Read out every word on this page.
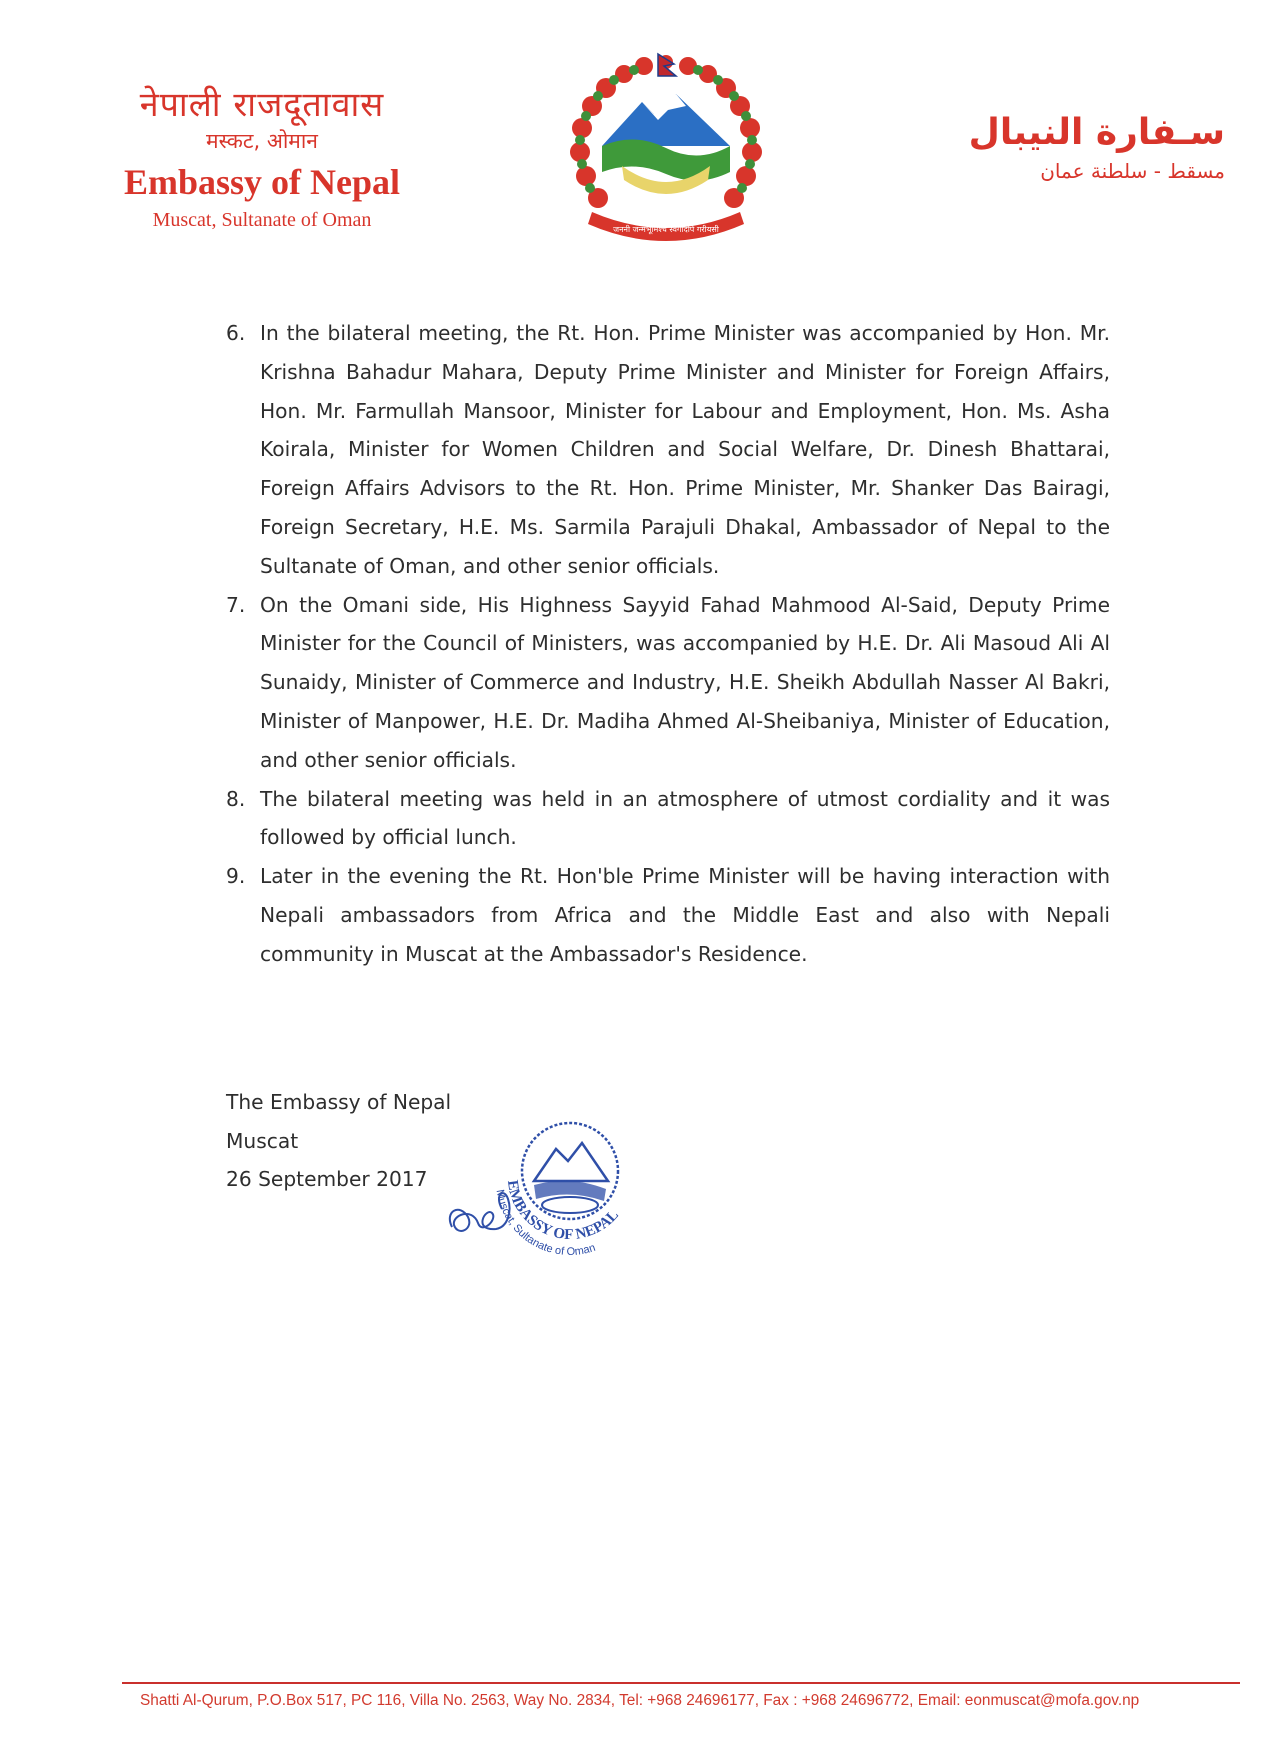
नेपाली राजदूतावास
मस्कट, ओमान
Embassy of Nepal
Muscat, Sultanate of Oman	जननी जन्मभूमिश्च स्वर्गादपि गरीयसी
سـفارة النيبال
مسقط - سلطنة عمان
6. In the bilateral meeting, the Rt. Hon. Prime Minister was accompanied by Hon. Mr. Krishna Bahadur Mahara, Deputy Prime Minister and Minister for Foreign Affairs, Hon. Mr. Farmullah Mansoor, Minister for Labour and Employment, Hon. Ms. Asha Koirala, Minister for Women Children and Social Welfare, Dr. Dinesh Bhattarai, Foreign Affairs Advisors to the Rt. Hon. Prime Minister, Mr. Shanker Das Bairagi, Foreign Secretary, H.E. Ms. Sarmila Parajuli Dhakal, Ambassador of Nepal to the Sultanate of Oman, and other senior officials.
7. On the Omani side, His Highness Sayyid Fahad Mahmood Al-Said, Deputy Prime Minister for the Council of Ministers, was accompanied by H.E. Dr. Ali Masoud Ali Al Sunaidy, Minister of Commerce and Industry, H.E. Sheikh Abdullah Nasser Al Bakri, Minister of Manpower, H.E. Dr. Madiha Ahmed Al-Sheibaniya, Minister of Education, and other senior officials.
8. The bilateral meeting was held in an atmosphere of utmost cordiality and it was followed by official lunch.
9. Later in the evening the Rt. Hon'ble Prime Minister will be having interaction with Nepali ambassadors from Africa and the Middle East and also with Nepali community in Muscat at the Ambassador's Residence.
The Embassy of Nepal
Muscat
26 September 2017	EMBASSY OF NEPAL
Muscat, Sultanate of Oman
Shatti Al-Qurum, P.O.Box 517, PC 116, Villa No. 2563, Way No. 2834, Tel: +968 24696177, Fax : +968 24696772, Email: eonmuscat@mofa.gov.np
